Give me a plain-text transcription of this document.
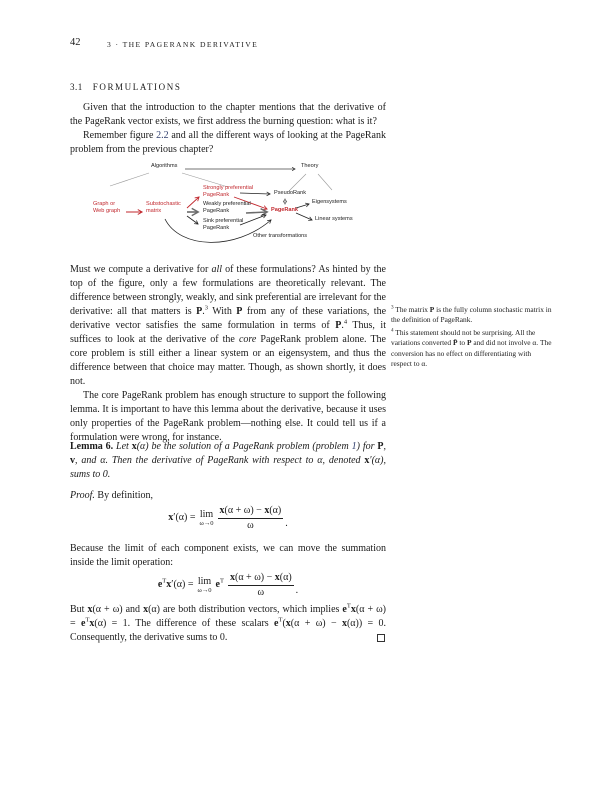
42	3 · THE PAGERANK DERIVATIVE
3.1 FORMULATIONS

Given that the introduction to the chapter mentions that the derivative of the PageRank vector exists, we first address the burning question: what is it?

Remember figure 2.2 and all the different ways of looking at the PageRank problem from the previous chapter?

Algorithms	Theory
Strongly preferential
PageRank	PseudoRank
Graph or
Web graph
Substochastic
matrix
Weakly preferential
PageRank
Sink preferential
PageRank
PageRank
Eigensystems
Linear systems
Other transformations

Must we compute a derivative for all of these formulations? As hinted by the top of the figure, only a few formulations are theoretically relevant. The difference between strongly, weakly, and sink preferential are irrelevant for the derivative: all that matters is P.$^3$ With P from any of these variations, the derivative vector satisfies the same formulation in terms of P.$^4$ Thus, it suffices to look at the derivative of the core PageRank problem alone. The core problem is still either a linear system or an eigensystem, and thus the difference between that choice may matter. Though, as shown shortly, it does not.

The core PageRank problem has enough structure to support the following lemma. It is important to have this lemma about the derivative, because it uses only properties of the PageRank problem—nothing else. It could tell us if a formulation were wrong, for instance.

$^3$ The matrix P is the fully column stochastic matrix in the definition of PageRank.

$^4$ This statement should not be surprising. All the variations converted P̄ to P and did not involve α. The conversion has no effect on differentiating with respect to α.

Lemma 6. Let x(α) be the solution of a PageRank problem (problem 1) for P, v, and α. Then the derivative of PageRank with respect to α, denoted x′(α), sums to 0.

Proof. By definition,

x′(α) = lim
$\omega\to 0 \frac{x(\alpha + \omega) - x(\alpha)}{\omega}$ .

Because the limit of each component exists, we can move the summation inside the limit operation:

$e^Tx'(\alpha) = \lim$
ω→0 $e^T \frac{x(\alpha + \omega) - x(\alpha)}{\omega}$ .

But x(α + ω) and x(α) are both distribution vectors, which implies $e^Tx(\alpha + \omega) = e^Tx(\alpha) = 1$. The difference of these scalars $e^T(x(\alpha + \omega) - x(\alpha)) = 0$. Consequently, the derivative sums to 0.
